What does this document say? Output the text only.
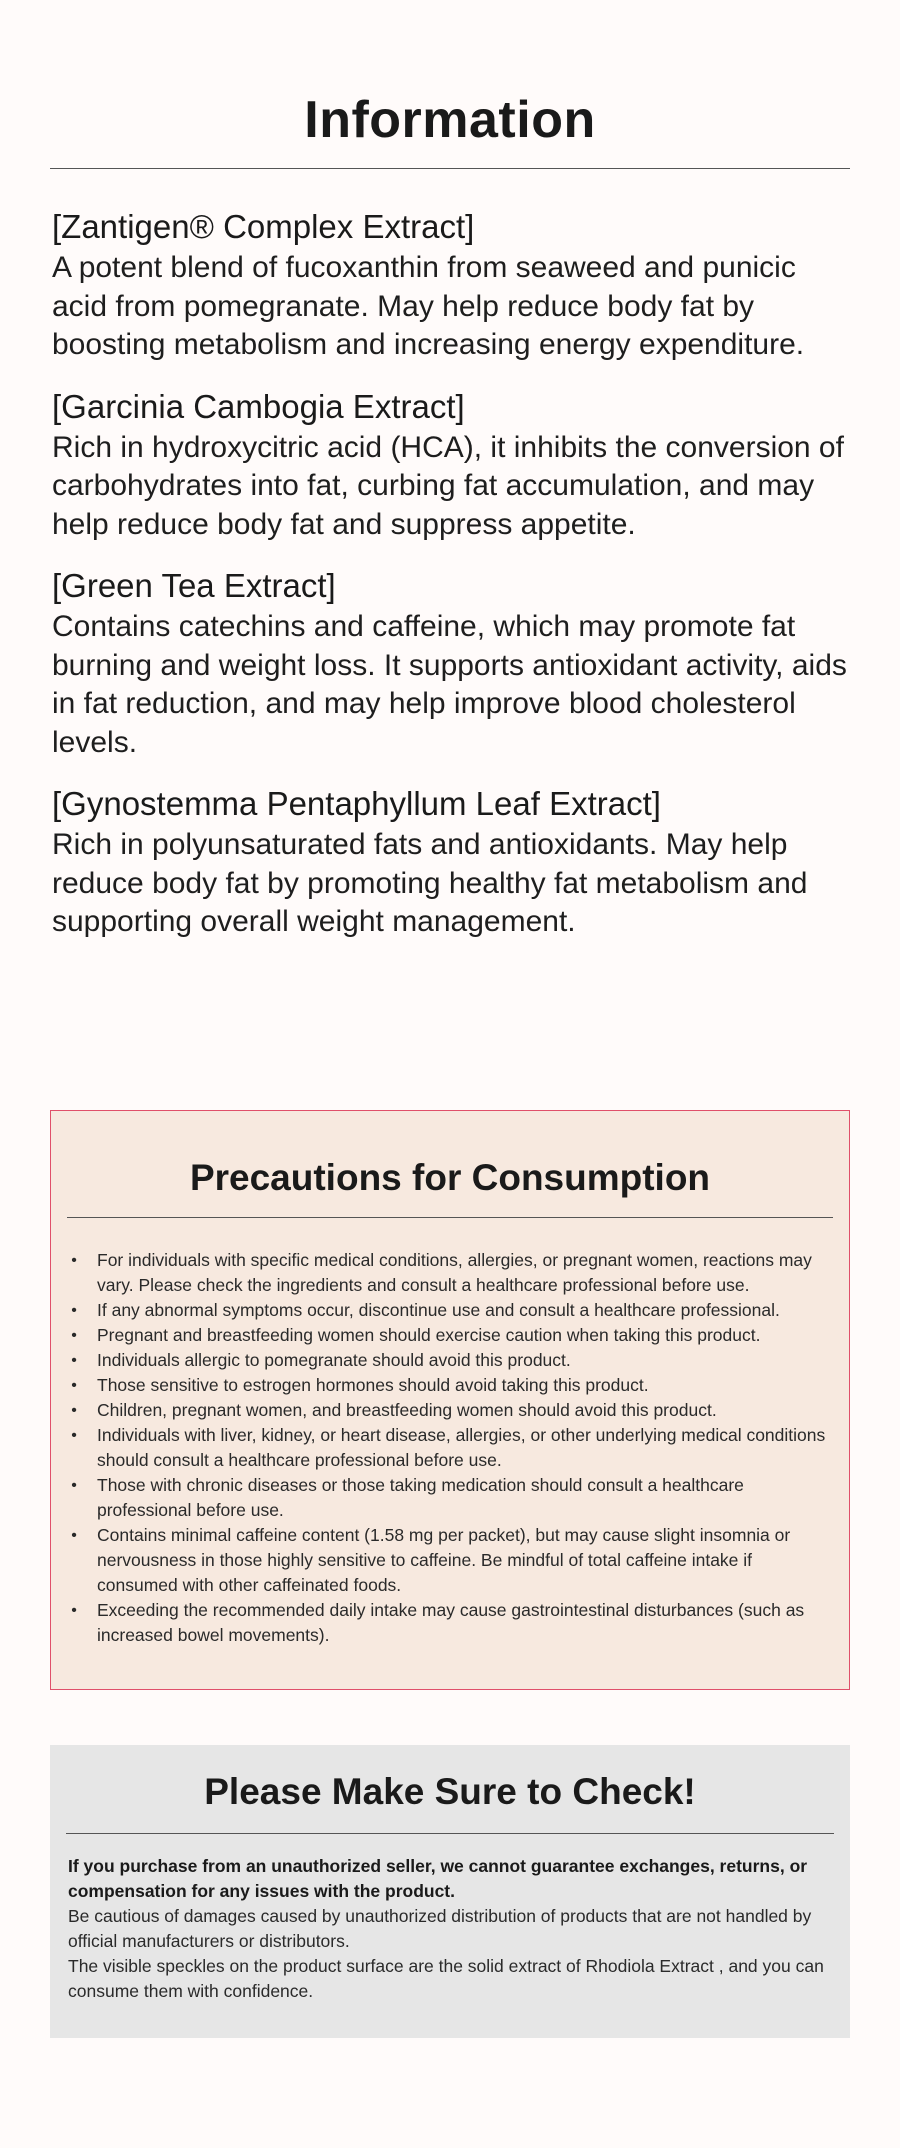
Information
[Zantigen® Complex Extract]
A potent blend of fucoxanthin from seaweed and punicic acid from pomegranate. May help reduce body fat by boosting metabolism and increasing energy expenditure.
[Garcinia Cambogia Extract]
Rich in hydroxycitric acid (HCA), it inhibits the conversion of carbohydrates into fat, curbing fat accumulation, and may help reduce body fat and suppress appetite.
[Green Tea Extract]
Contains catechins and caffeine, which may promote fat burning and weight loss. It supports antioxidant activity, aids in fat reduction, and may help improve blood cholesterol levels.
[Gynostemma Pentaphyllum Leaf Extract]
Rich in polyunsaturated fats and antioxidants. May help reduce body fat by promoting healthy fat metabolism and supporting overall weight management.
Precautions for Consumption
• For individuals with specific medical conditions, allergies, or pregnant women, reactions may vary. Please check the ingredients and consult a healthcare professional before use.
• If any abnormal symptoms occur, discontinue use and consult a healthcare professional.
• Pregnant and breastfeeding women should exercise caution when taking this product.
• Individuals allergic to pomegranate should avoid this product.
• Those sensitive to estrogen hormones should avoid taking this product.
• Children, pregnant women, and breastfeeding women should avoid this product.
• Individuals with liver, kidney, or heart disease, allergies, or other underlying medical conditions should consult a healthcare professional before use.
• Those with chronic diseases or those taking medication should consult a healthcare professional before use.
• Contains minimal caffeine content (1.58 mg per packet), but may cause slight insomnia or nervousness in those highly sensitive to caffeine. Be mindful of total caffeine intake if consumed with other caffeinated foods.
• Exceeding the recommended daily intake may cause gastrointestinal disturbances (such as increased bowel movements).
Please Make Sure to Check!
If you purchase from an unauthorized seller, we cannot guarantee exchanges, returns, or compensation for any issues with the product.
Be cautious of damages caused by unauthorized distribution of products that are not handled by official manufacturers or distributors.
The visible speckles on the product surface are the solid extract of Rhodiola Extract , and you can consume them with confidence.
